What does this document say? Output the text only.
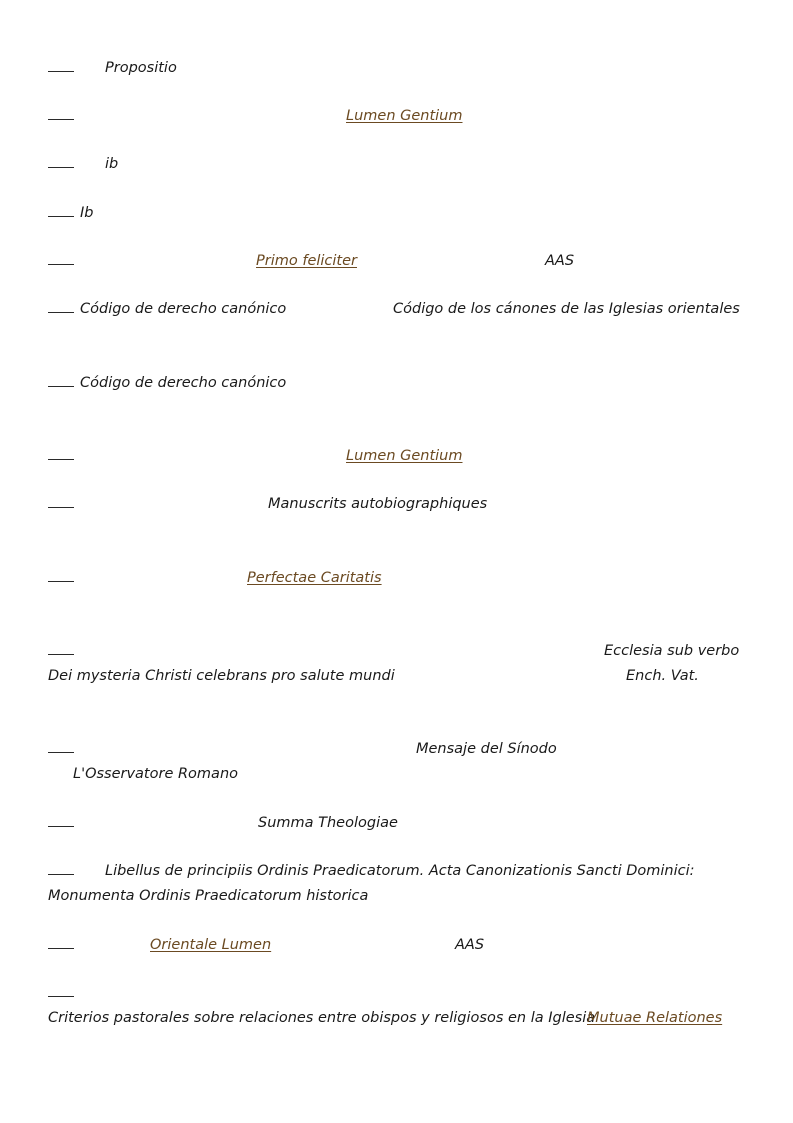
Propositio
Lumen Gentium
ib
Ib
Primo feliciter	AAS
Código de derecho canónico	Código de los cánones de las Iglesias orientales
Código de derecho canónico
Lumen Gentium
Manuscrits autobiographiques
Perfectae Caritatis
Ecclesia sub verbo
Dei mysteria Christi celebrans pro salute mundi	Ench. Vat.
Mensaje del Sínodo
L'Osservatore Romano
Summa Theologiae
Libellus de principiis Ordinis Praedicatorum. Acta Canonizationis Sancti Dominici:
Monumenta Ordinis Praedicatorum historica
Orientale Lumen	AAS
Criterios pastorales sobre relaciones entre obispos y religiosos en la Iglesia
Mutuae Relationes
